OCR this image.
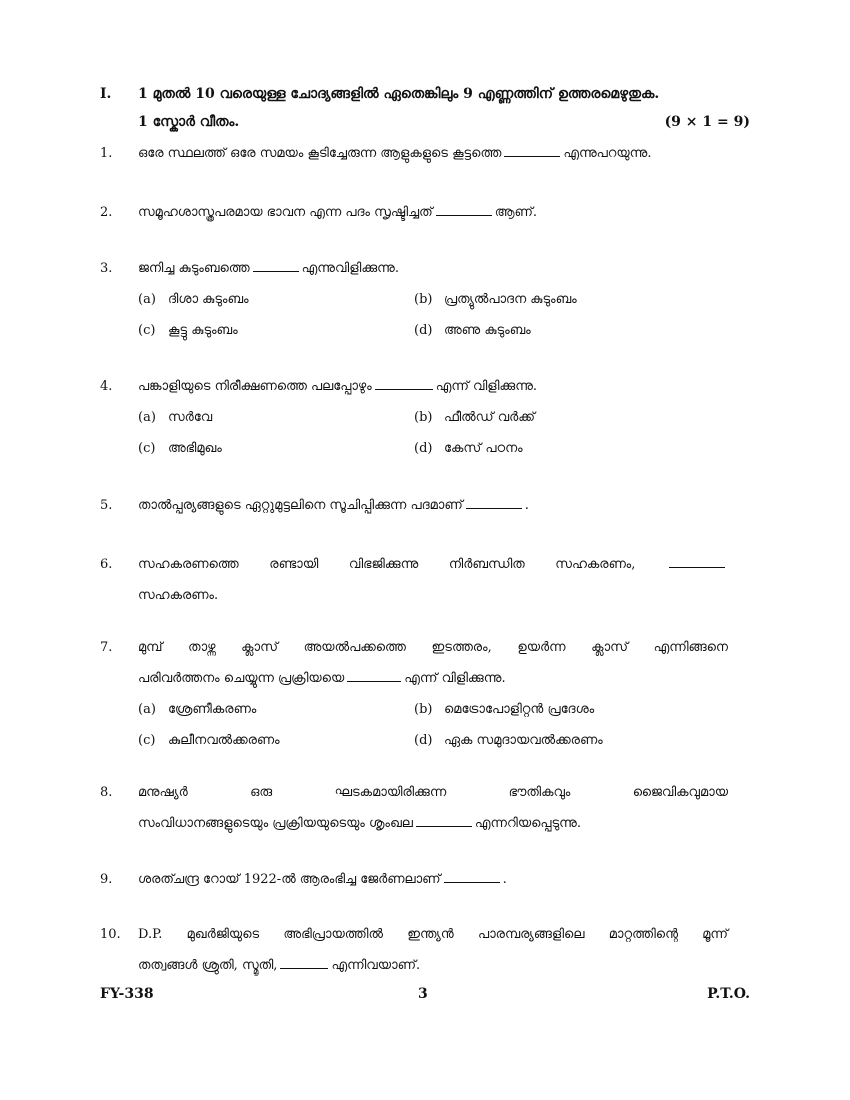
I. 1 മുതൽ 10 വരെയുള്ള ചോദ്യങ്ങളിൽ ഏതെങ്കിലും 9 എണ്ണത്തിന് ഉത്തരമെഴുതുക.
1 സ്കോർ വീതം.	(9 × 1 = 9)
1.	ഒരേ സ്ഥലത്ത് ഒരേ സമയം കൂടിച്ചേരുന്ന ആളുകളുടെ കൂട്ടത്തെ	എന്നുപറയുന്നു.
2.	സമൂഹശാസ്ത്രപരമായ ഭാവന എന്ന പദം സൃഷ്ടിച്ചത്	ആണ്.
3.	ജനിച്ച കുടുംബത്തെ	എന്നുവിളിക്കുന്നു.
(a) ദിശാ കുടുംബം	(b) പ്രത്യുൽപാദന കുടുംബം
(c) കൂട്ടു കുടുംബം	(d) അണു കുടുംബം
4.	പങ്കാളിയുടെ നിരീക്ഷണത്തെ പലപ്പോഴും	എന്ന് വിളിക്കുന്നു.
(a) സർവേ	(b) ഫീൽഡ് വർക്ക്
(c) അഭിമുഖം	(d) കേസ് പഠനം
5.	താൽപ്പര്യങ്ങളുടെ ഏറ്റുമുട്ടലിനെ സൂചിപ്പിക്കുന്ന പദമാണ്	.
6.	സഹകരണത്തെ രണ്ടായി വിഭജിക്കുന്നു നിർബന്ധിത സഹകരണം,
സഹകരണം.
7.	മുമ്പ് താഴ്ന്ന ക്ലാസ് അയൽപക്കത്തെ ഇടത്തരം, ഉയർന്ന ക്ലാസ് എന്നിങ്ങനെ
പരിവർത്തനം ചെയ്യുന്ന പ്രക്രിയയെ	എന്ന് വിളിക്കുന്നു.
(a) ശ്രേണീകരണം	(b) മെട്രോപോളിറ്റൻ പ്രദേശം
(c) കുലീനവൽക്കരണം	(d) ഏക സമുദായവൽക്കരണം
8.	മനുഷ്യർ ഒരു ഘടകമായിരിക്കുന്ന ഭൗതികവും ജൈവികവുമായ
സംവിധാനങ്ങളുടെയും പ്രക്രിയയുടെയും ശൃംഖല	എന്നറിയപ്പെടുന്നു.
9.	ശരത്ചന്ദ്ര റോയ് 1922-ൽ ആരംഭിച്ച ജേർണലാണ്	.
10.	D.P. മുഖർജിയുടെ അഭിപ്രായത്തിൽ ഇന്ത്യൻ പാരമ്പര്യങ്ങളിലെ മാറ്റത്തിന്റെ മൂന്ന്
തത്വങ്ങൾ ശ്രുതി, സ്മൃതി,	എന്നിവയാണ്.
FY-338	3	P.T.O.
